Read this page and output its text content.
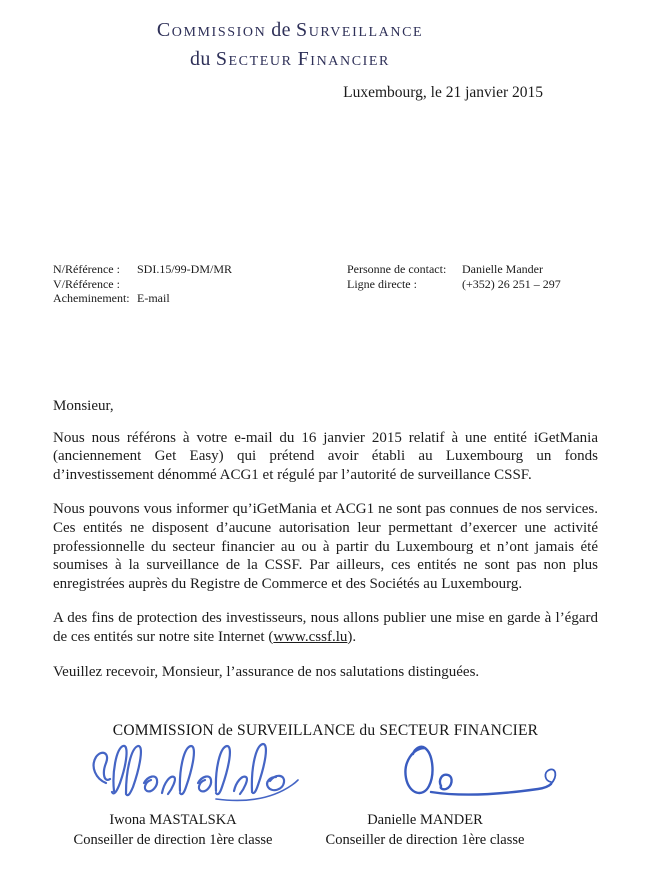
Commission de Surveillance
du Secteur Financier
Luxembourg, le 21 janvier 2015
N/Référence :	SDI.15/99-DM/MR
V/Référence :
Acheminement: E-mail
Personne de contact:	Danielle Mander
Ligne directe :	(+352) 26 251 – 297

Monsieur,

Nous nous référons à votre e-mail du 16 janvier 2015 relatif à une entité iGetMania (anciennement Get Easy) qui prétend avoir établi au Luxembourg un fonds d’investissement dénommé ACG1 et régulé par l’autorité de surveillance CSSF.

Nous pouvons vous informer qu’iGetMania et ACG1 ne sont pas connues de nos services. Ces entités ne disposent d’aucune autorisation leur permettant d’exercer une activité professionnelle du secteur financier au ou à partir du Luxembourg et n’ont jamais été soumises à la surveillance de la CSSF. Par ailleurs, ces entités ne sont pas non plus enregistrées auprès du Registre de Commerce et des Sociétés au Luxembourg.

A des fins de protection des investisseurs, nous allons publier une mise en garde à l’égard de ces entités sur notre site Internet (www.cssf.lu).

Veuillez recevoir, Monsieur, l’assurance de nos salutations distinguées.

COMMISSION de SURVEILLANCE du SECTEUR FINANCIER
Iwona MASTALSKA
Conseiller de direction 1ère classe
Danielle MANDER
Conseiller de direction 1ère classe
